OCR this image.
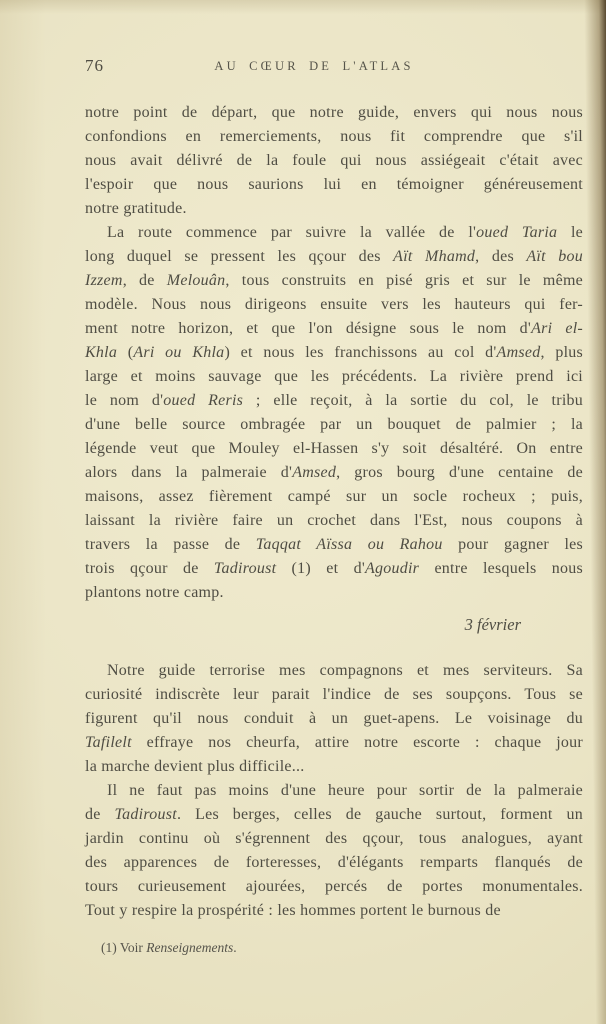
76	AU CŒUR DE L'ATLAS
notre point de départ, que notre guide, envers qui nous nous
confondions en remerciements, nous fit comprendre que s'il
nous avait délivré de la foule qui nous assiégeait c'était avec
l'espoir que nous saurions lui en témoigner généreusement
notre gratitude.
La route commence par suivre la vallée de l'oued Taria le
long duquel se pressent les qçour des Aït Mhamd, des Aït bou
Izzem, de Melouân, tous construits en pisé gris et sur le même
modèle. Nous nous dirigeons ensuite vers les hauteurs qui fer-
ment notre horizon, et que l'on désigne sous le nom d'Ari el-
Khla (Ari ou Khla) et nous les franchissons au col d'Amsed, plus
large et moins sauvage que les précédents. La rivière prend ici
le nom d'oued Reris ; elle reçoit, à la sortie du col, le tribu
d'une belle source ombragée par un bouquet de palmier ; la
légende veut que Mouley el-Hassen s'y soit désaltéré. On entre
alors dans la palmeraie d'Amsed, gros bourg d'une centaine de
maisons, assez fièrement campé sur un socle rocheux ; puis,
laissant la rivière faire un crochet dans l'Est, nous coupons à
travers la passe de Taqqat Aïssa ou Rahou pour gagner les
trois qçour de Tadiroust (1) et d'Agoudir entre lesquels nous
plantons notre camp.
3 février
Notre guide terrorise mes compagnons et mes serviteurs. Sa
curiosité indiscrète leur parait l'indice de ses soupçons. Tous se
figurent qu'il nous conduit à un guet-apens. Le voisinage du
Tafilelt effraye nos cheurfa, attire notre escorte : chaque jour
la marche devient plus difficile...
Il ne faut pas moins d'une heure pour sortir de la palmeraie
de Tadiroust. Les berges, celles de gauche surtout, forment un
jardin continu où s'égrennent des qçour, tous analogues, ayant
des apparences de forteresses, d'élégants remparts flanqués de
tours curieusement ajourées, percés de portes monumentales.
Tout y respire la prospérité : les hommes portent le burnous de
(1) Voir Renseignements.
